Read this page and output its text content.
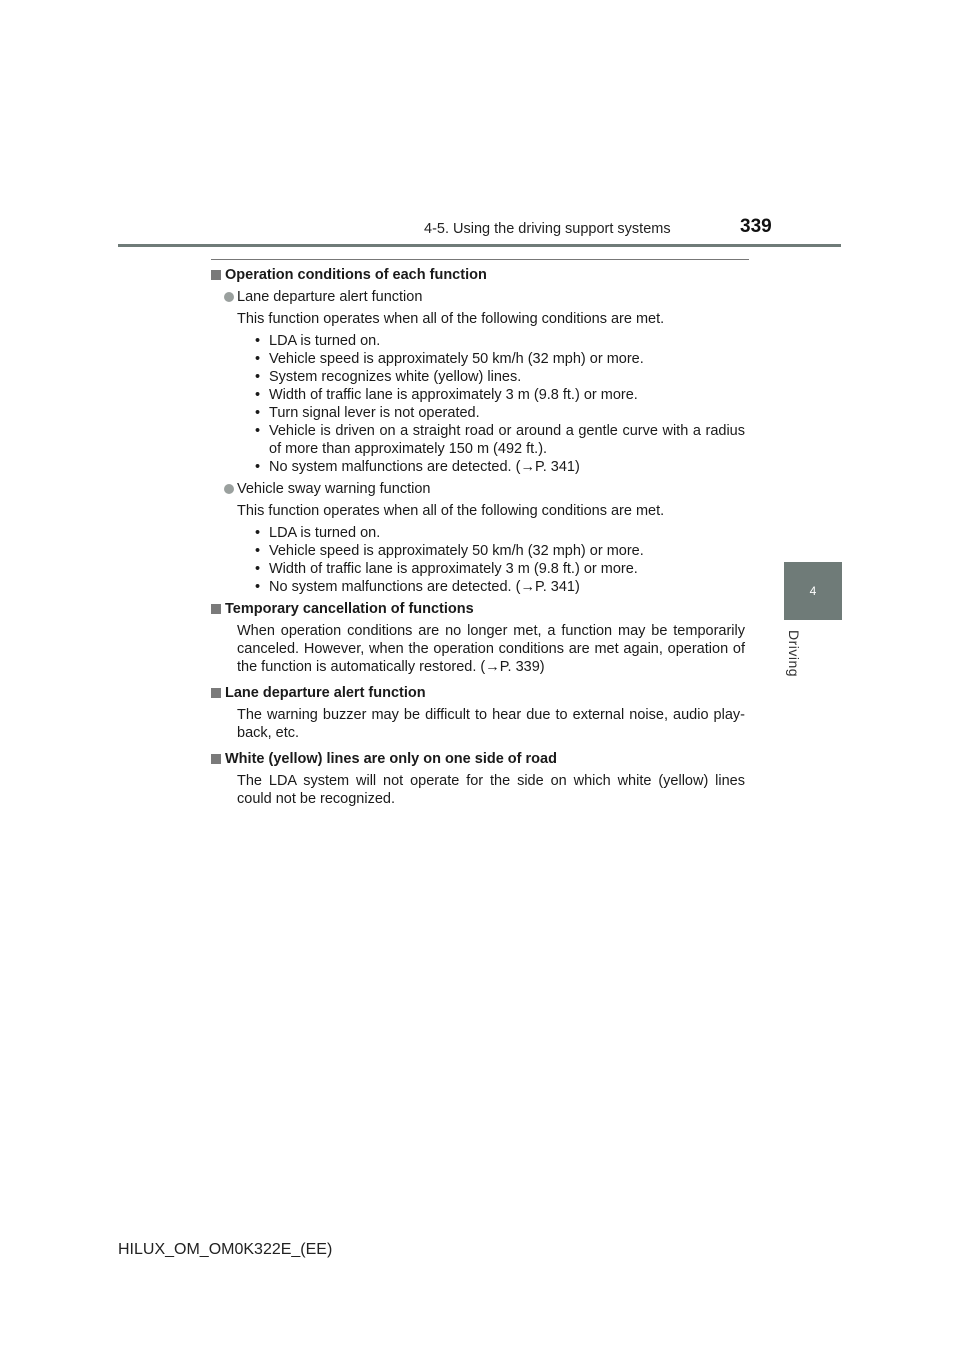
4-5. Using the driving support systems	339
4
Driving
Operation conditions of each function
Lane departure alert function

This function operates when all of the following conditions are met.

• LDA is turned on.
• Vehicle speed is approximately 50 km/h (32 mph) or more.
• System recognizes white (yellow) lines.
• Width of traffic lane is approximately 3 m (9.8 ft.) or more.
• Turn signal lever is not operated.
• Vehicle is driven on a straight road or around a gentle curve with a radius of more than approximately 150 m (492 ft.).
• No system malfunctions are detected. (→P. 341)
Vehicle sway warning function

This function operates when all of the following conditions are met.

• LDA is turned on.
• Vehicle speed is approximately 50 km/h (32 mph) or more.
• Width of traffic lane is approximately 3 m (9.8 ft.) or more.
• No system malfunctions are detected. (→P. 341)
Temporary cancellation of functions

When operation conditions are no longer met, a function may be temporarily canceled. However, when the operation conditions are met again, operation of the function is automatically restored. (→P. 339)

Lane departure alert function

The warning buzzer may be difficult to hear due to external noise, audio play-back, etc.

White (yellow) lines are only on one side of road

The LDA system will not operate for the side on which white (yellow) lines could not be recognized.

HILUX_OM_OM0K322E_(EE)
